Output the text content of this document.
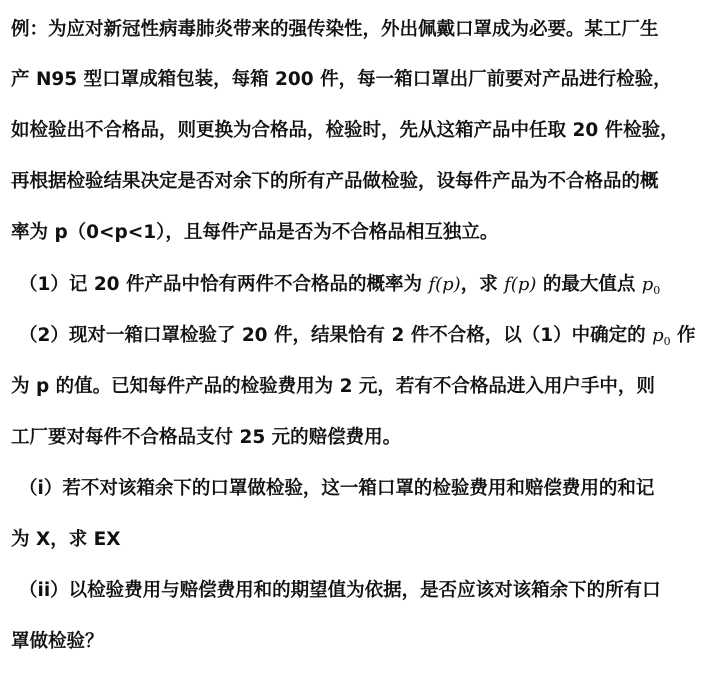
例：为应对新冠性病毒肺炎带来的强传染性，外出佩戴口罩成为必要。某工厂生
产 N95 型口罩成箱包装，每箱 200 件，每一箱口罩出厂前要对产品进行检验，
如检验出不合格品，则更换为合格品，检验时，先从这箱产品中任取 20 件检验，
再根据检验结果决定是否对余下的所有产品做检验，设每件产品为不合格品的概
率为 p（0<p<1），且每件产品是否为不合格品相互独立。
（1）记 20 件产品中恰有两件不合格品的概率为 f(p)，求 f(p) 的最大值点 $p_0$
（2）现对一箱口罩检验了 20 件，结果恰有 2 件不合格，以（1）中确定的 $p_0$ 作
为 p 的值。已知每件产品的检验费用为 2 元，若有不合格品进入用户手中，则
工厂要对每件不合格品支付 25 元的赔偿费用。
（i）若不对该箱余下的口罩做检验，这一箱口罩的检验费用和赔偿费用的和记
为 X，求 EX
（ii）以检验费用与赔偿费用和的期望值为依据，是否应该对该箱余下的所有口
罩做检验？
